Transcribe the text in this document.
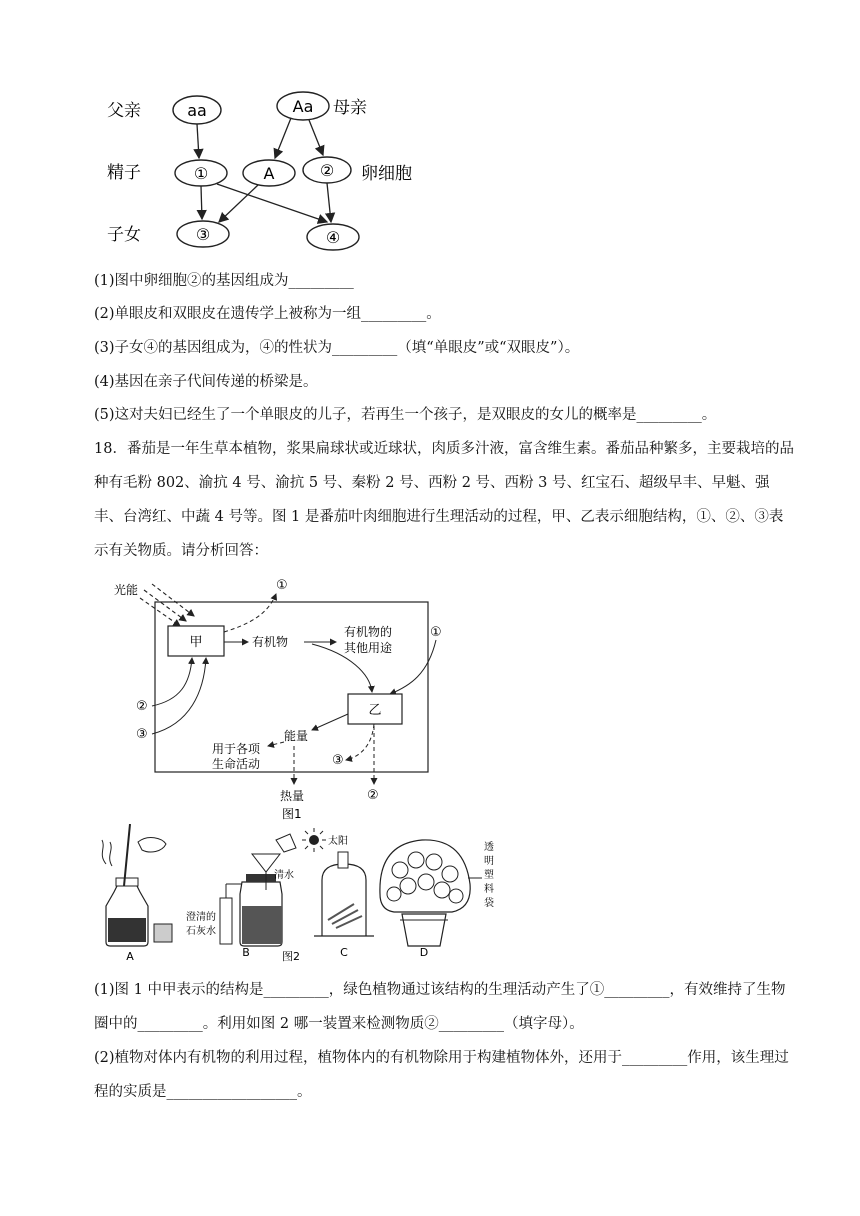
父亲
精子
子女
母亲
卵细胞
aa	Aa
①	A	②
③	④
(1)图中卵细胞②的基因组成为_________
(2)单眼皮和双眼皮在遗传学上被称为一组_________。
(3)子女④的基因组成为，④的性状为_________（填“单眼皮”或“双眼皮”）。
(4)基因在亲子代间传递的桥梁是。
(5)这对夫妇已经生了一个单眼皮的儿子，若再生一个孩子，是双眼皮的女儿的概率是_________。
18．番茄是一年生草本植物，浆果扁球状或近球状，肉质多汁液，富含维生素。番茄品种繁多，主要栽培的品种有毛粉 802、渝抗 4 号、渝抗 5 号、秦粉 2 号、西粉 2 号、西粉 3 号、红宝石、超级早丰、早魁、强丰、台湾红、中蔬 4 号等。图 1 是番茄叶肉细胞进行生理活动的过程，甲、乙表示细胞结构，①、②、③表示有关物质。请分析回答：
光能
甲
①
有机物
有机物的
其他用途
①
乙
②
③	能量
用于各项
生命活动
热量
③
②
图1
A
清水
澄清的
石灰水
B	图2
太阳
C
透
明
塑
料
袋
D
(1)图 1 中甲表示的结构是_________，绿色植物通过该结构的生理活动产生了①_________，有效维持了生物圈中的_________。利用如图 2 哪一装置来检测物质②_________（填字母）。
(2)植物对体内有机物的利用过程，植物体内的有机物除用于构建植物体外，还用于_________作用，该生理过程的实质是__________________。
